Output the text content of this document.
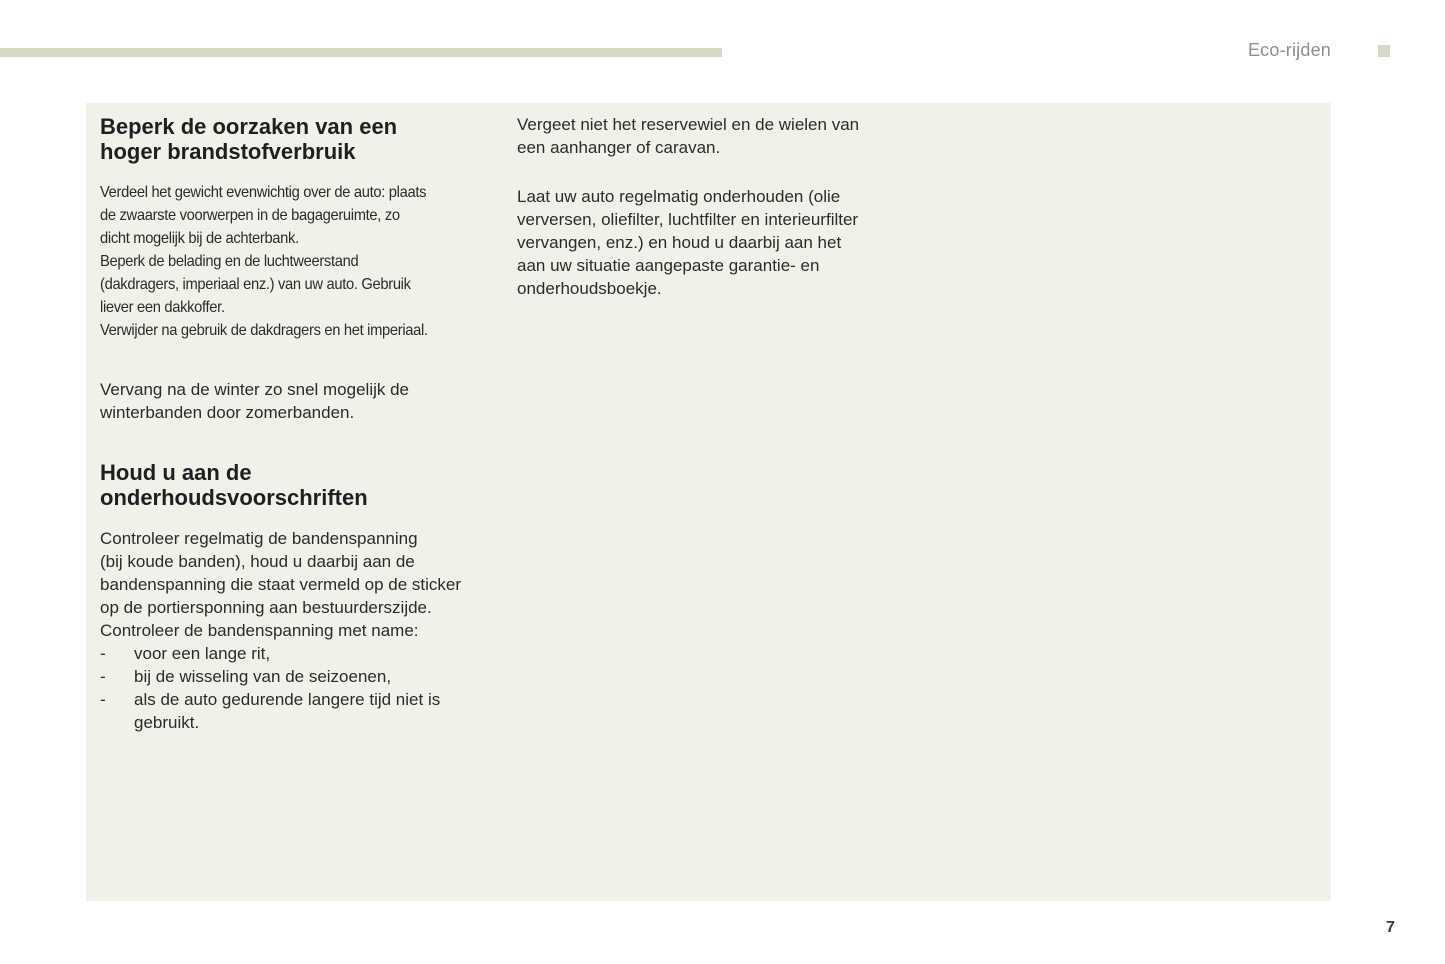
Eco-rijden
Beperk de oorzaken van een hoger brandstofverbruik
Verdeel het gewicht evenwichtig over de auto: plaats
de zwaarste voorwerpen in de bagageruimte, zo
dicht mogelijk bij de achterbank.
Beperk de belading en de luchtweerstand
(dakdragers, imperiaal enz.) van uw auto. Gebruik
liever een dakkoffer.
Verwijder na gebruik de dakdragers en het imperiaal.
Vervang na de winter zo snel mogelijk de
winterbanden door zomerbanden.
Houd u aan de
onderhoudsvoorschriften
Controleer regelmatig de bandenspanning
(bij koude banden), houd u daarbij aan de
bandenspanning die staat vermeld op de sticker
op de portiersponning aan bestuurderszijde.
Controleer de bandenspanning met name:
- voor een lange rit,
- bij de wisseling van de seizoenen,
- als de auto gedurende langere tijd niet is gebruikt.
Vergeet niet het reservewiel en de wielen van
een aanhanger of caravan.
Laat uw auto regelmatig onderhouden (olie
verversen, oliefilter, luchtfilter en interieurfilter
vervangen, enz.) en houd u daarbij aan het
aan uw situatie aangepaste garantie- en
onderhoudsboekje.
7
